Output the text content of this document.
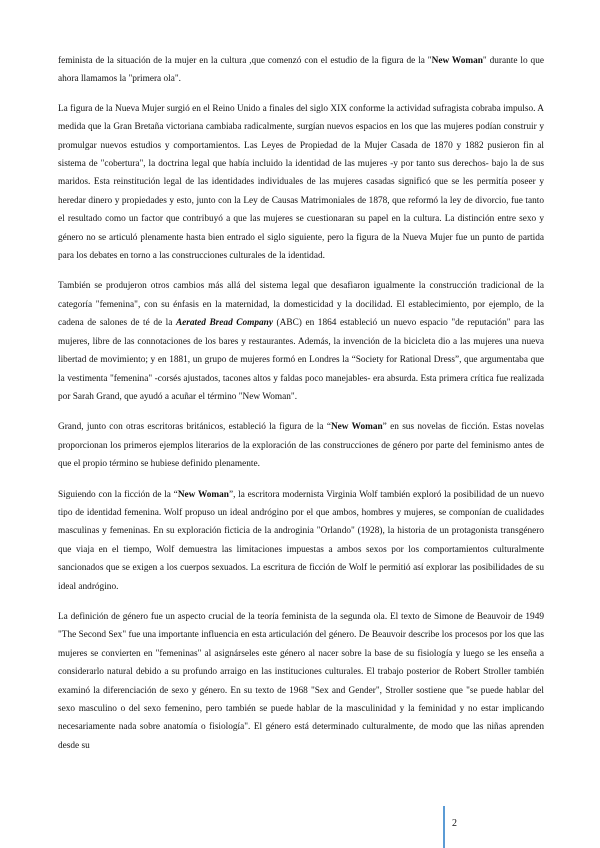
feminista de la situación de la mujer en la cultura ,que comenzó con el estudio de la figura de la "New Woman" durante lo que ahora llamamos la "primera ola".

La figura de la Nueva Mujer surgió en el Reino Unido a finales del siglo XIX conforme la actividad sufragista cobraba impulso. A medida que la Gran Bretaña victoriana cambiaba radicalmente, surgían nuevos espacios en los que las mujeres podían construir y promulgar nuevos estudios y comportamientos. Las Leyes de Propiedad de la Mujer Casada de 1870 y 1882 pusieron fin al sistema de "cobertura", la doctrina legal que había incluido la identidad de las mujeres -y por tanto sus derechos- bajo la de sus maridos. Esta reinstitución legal de las identidades individuales de las mujeres casadas significó que se les permitía poseer y heredar dinero y propiedades y esto, junto con la Ley de Causas Matrimoniales de 1878, que reformó la ley de divorcio, fue tanto el resultado como un factor que contribuyó a que las mujeres se cuestionaran su papel en la cultura. La distinción entre sexo y género no se articuló plenamente hasta bien entrado el siglo siguiente, pero la figura de la Nueva Mujer fue un punto de partida para los debates en torno a las construcciones culturales de la identidad.

También se produjeron otros cambios más allá del sistema legal que desafiaron igualmente la construcción tradicional de la categoría "femenina", con su énfasis en la maternidad, la domesticidad y la docilidad. El establecimiento, por ejemplo, de la cadena de salones de té de la Aerated Bread Company (ABC) en 1864 estableció un nuevo espacio "de reputación" para las mujeres, libre de las connotaciones de los bares y restaurantes. Además, la invención de la bicicleta dio a las mujeres una nueva libertad de movimiento; y en 1881, un grupo de mujeres formó en Londres la “Society for Rational Dress”, que argumentaba que la vestimenta "femenina" -corsés ajustados, tacones altos y faldas poco manejables- era absurda. Esta primera crítica fue realizada por Sarah Grand, que ayudó a acuñar el término "New Woman".

Grand, junto con otras escritoras británicos, estableció la figura de la “New Woman” en sus novelas de ficción. Estas novelas proporcionan los primeros ejemplos literarios de la exploración de las construcciones de género por parte del feminismo antes de que el propio término se hubiese definido plenamente.

Siguiendo con la ficción de la “New Woman”, la escritora modernista Virginia Wolf también exploró la posibilidad de un nuevo tipo de identidad femenina. Wolf propuso un ideal andrógino por el que ambos, hombres y mujeres, se componían de cualidades masculinas y femeninas. En su exploración ficticia de la androginia "Orlando" (1928), la historia de un protagonista transgénero que viaja en el tiempo, Wolf demuestra las limitaciones impuestas a ambos sexos por los comportamientos culturalmente sancionados que se exigen a los cuerpos sexuados. La escritura de ficción de Wolf le permitió así explorar las posibilidades de su ideal andrógino.

La definición de género fue un aspecto crucial de la teoría feminista de la segunda ola. El texto de Simone de Beauvoir de 1949 "The Second Sex" fue una importante influencia en esta articulación del género. De Beauvoir describe los procesos por los que las mujeres se convierten en "femeninas" al asignárseles este género al nacer sobre la base de su fisiología y luego se les enseña a considerarlo natural debido a su profundo arraigo en las instituciones culturales. El trabajo posterior de Robert Stroller también examinó la diferenciación de sexo y género. En su texto de 1968 "Sex and Gender", Stroller sostiene que "se puede hablar del sexo masculino o del sexo femenino, pero también se puede hablar de la masculinidad y la feminidad y no estar implicando necesariamente nada sobre anatomía o fisiología". El género está determinado culturalmente, de modo que las niñas aprenden desde su

2
